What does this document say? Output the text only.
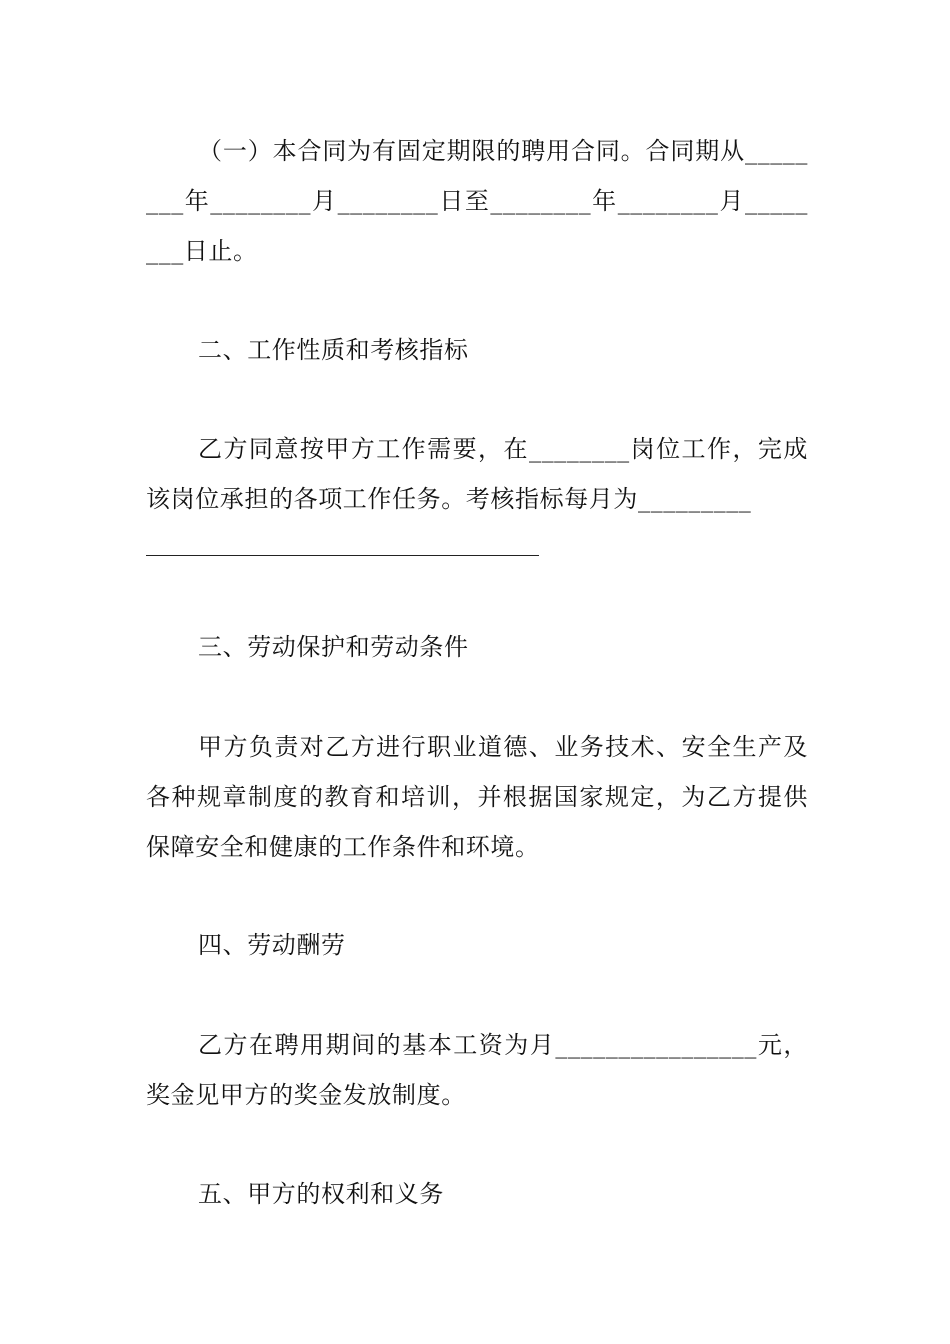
（一）本合同为有固定期限的聘用合同。合同期从________年________月________日至________年________月________日止。

二、工作性质和考核指标

乙方同意按甲方工作需要，在________岗位工作，完成该岗位承担的各项工作任务。考核指标每月为_________

三、劳动保护和劳动条件

甲方负责对乙方进行职业道德、业务技术、安全生产及各种规章制度的教育和培训，并根据国家规定，为乙方提供保障安全和健康的工作条件和环境。

四、劳动酬劳

乙方在聘用期间的基本工资为月________________元，奖金见甲方的奖金发放制度。

五、甲方的权利和义务
